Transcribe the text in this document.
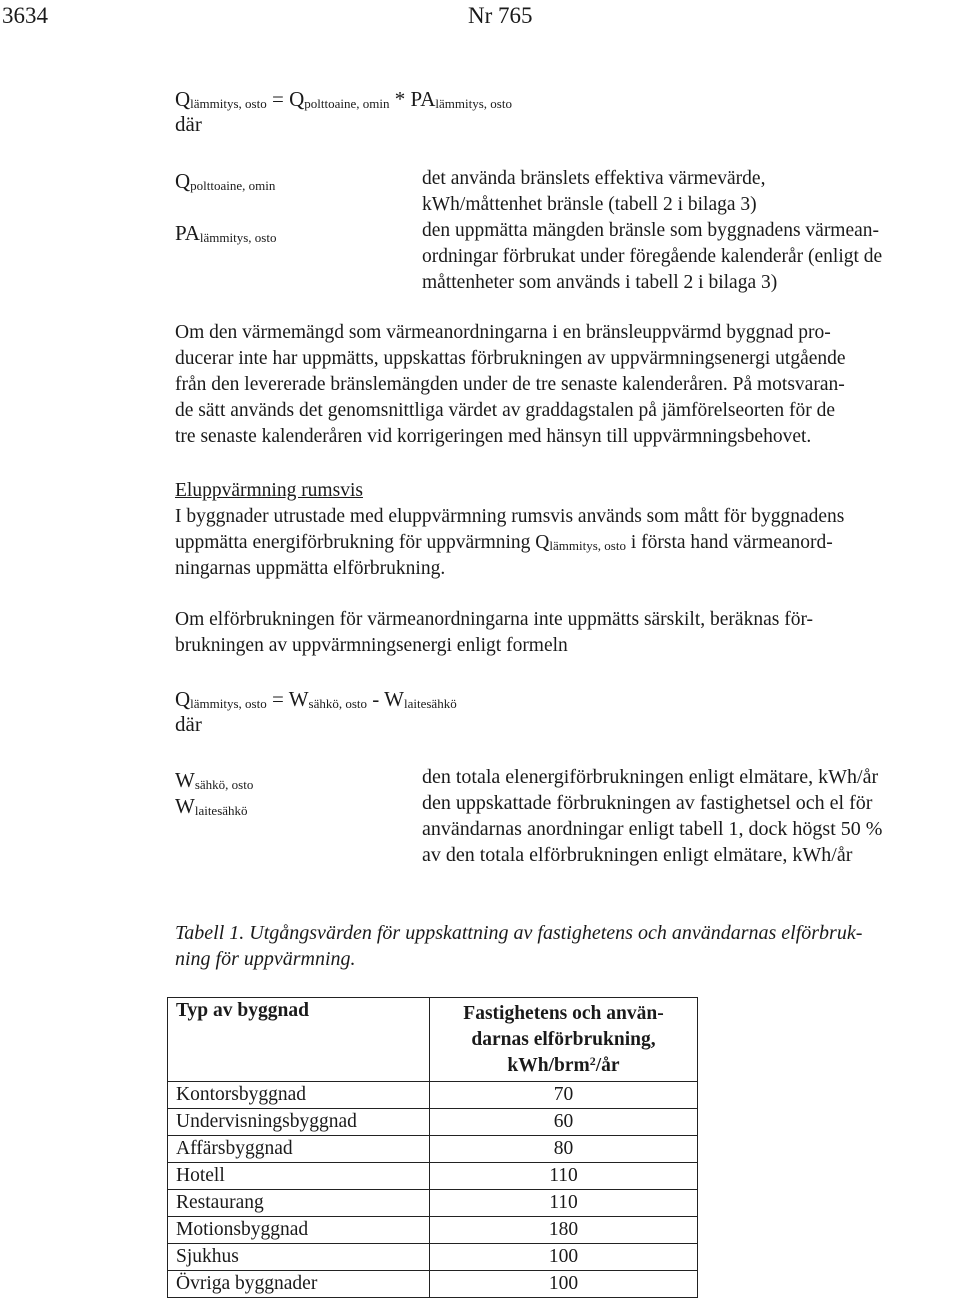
3634	Nr 765
$Q_{lämmitys, osto} = Q_{polttoaine, omin} * PA_{lämmitys, osto}$
där
$Q_{polttoaine, omin}$	det använda bränslets effektiva värmevärde,
kWh/måttenhet bränsle (tabell 2 i bilaga 3)
$PA_{lämmitys, osto}$	den uppmätta mängden bränsle som byggnadens värmean-
ordningar förbrukat under föregående kalenderår (enligt de
måttenheter som används i tabell 2 i bilaga 3)
Om den värmemängd som värmeanordningarna i en bränsleuppvärmd byggnad pro-
ducerar inte har uppmätts, uppskattas förbrukningen av uppvärmningsenergi utgående
från den levererade bränslemängden under de tre senaste kalenderåren. På motsvaran-
de sätt används det genomsnittliga värdet av graddagstalen på jämförelseorten för de
tre senaste kalenderåren vid korrigeringen med hänsyn till uppvärmningsbehovet.
Eluppvärmning rumsvis
I byggnader utrustade med eluppvärmning rumsvis används som mått för byggnadens
uppmätta energiförbrukning för uppvärmning $Q_{lämmitys, osto}$ i första hand värmeanord-
ningarnas uppmätta elförbrukning.
Om elförbrukningen för värmeanordningarna inte uppmätts särskilt, beräknas för-
brukningen av uppvärmningsenergi enligt formeln
$Q_{lämmitys, osto} = W_{sähkö, osto} - W_{laitesähkö}$
där
$W_{sähkö, osto}$	den totala elenergiförbrukningen enligt elmätare, kWh/år
$W_{laitesähkö}$	den uppskattade förbrukningen av fastighetsel och el för
användarnas anordningar enligt tabell 1, dock högst 50 %
av den totala elförbrukningen enligt elmätare, kWh/år
Tabell 1. Utgångsvärden för uppskattning av fastighetens och användarnas elförbruk-
ning för uppvärmning.
Typ av byggnad	Fastighetens och använ-
darnas elförbrukning,
kWh/brm$^2$/år

Kontorsbyggnad	70
Undervisningsbyggnad	60
Affärsbyggnad	80
Hotell	110
Restaurang	110
Motionsbyggnad	180
Sjukhus	100
Övriga byggnader	100
